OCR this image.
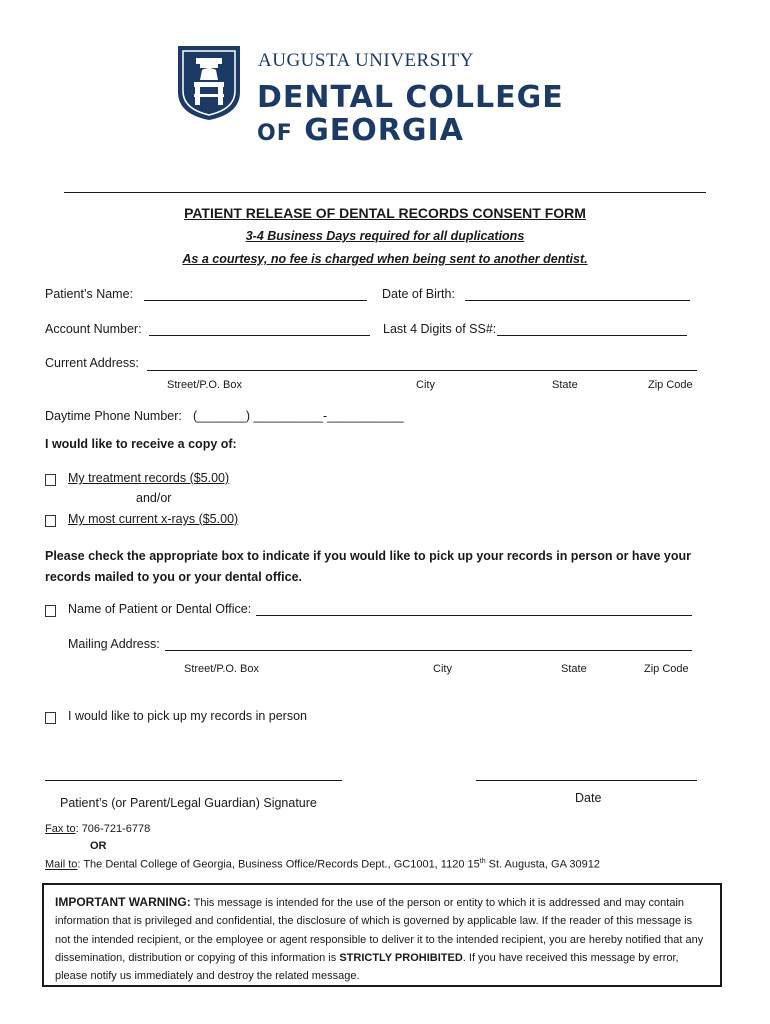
AUGUSTA UNIVERSITY
DENTAL COLLEGE
OF GEORGIA
PATIENT RELEASE OF DENTAL RECORDS CONSENT FORM
3-4 Business Days required for all duplications
As a courtesy, no fee is charged when being sent to another dentist.
Patient’s Name:	Date of Birth:
Account Number:	Last 4 Digits of SS#:
Current Address:
Street/P.O. Box	City	State	Zip Code
Daytime Phone Number: (_______) __________-___________
I would like to receive a copy of:
My treatment records ($5.00)
and/or
My most current x-rays ($5.00)
Please check the appropriate box to indicate if you would like to pick up your records in person or have your records mailed to you or your dental office.
Name of Patient or Dental Office:
Mailing Address:
Street/P.O. Box	City	State	Zip Code
I would like to pick up my records in person
Patient’s (or Parent/Legal Guardian) Signature	Date
Fax to: 706-721-6778
OR
Mail to: The Dental College of Georgia, Business Office/Records Dept., GC1001, 1120 15th St. Augusta, GA 30912
IMPORTANT WARNING: This message is intended for the use of the person or entity to which it is addressed and may contain information that is privileged and confidential, the disclosure of which is governed by applicable law. If the reader of this message is not the intended recipient, or the employee or agent responsible to deliver it to the intended recipient, you are hereby notified that any dissemination, distribution or copying of this information is STRICTLY PROHIBITED. If you have received this message by error, please notify us immediately and destroy the related message.
